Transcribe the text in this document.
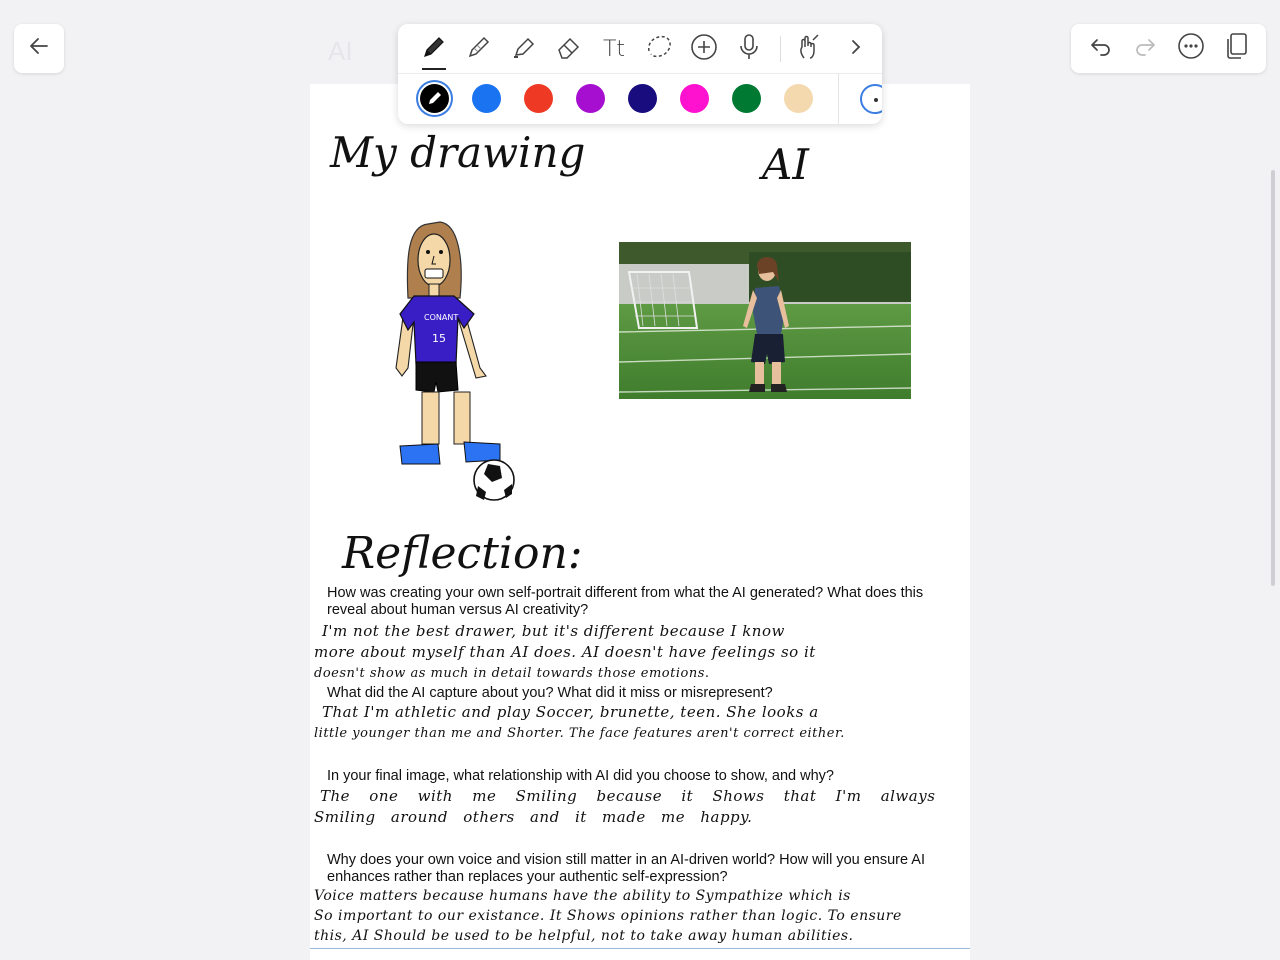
AI	Tt
My drawing	AI
CONANT
15
Reflection:
How was creating your own self-portrait different from what the AI generated? What does this reveal about human versus AI creativity?
I'm not the best drawer, but it's different because I know
more about myself than AI does. AI doesn't have feelings so it
doesn't show as much in detail towards those emotions.
What did the AI capture about you? What did it miss or misrepresent?
That I'm athletic and play Soccer, brunette, teen. She looks a
little younger than me and Shorter. The face features aren't correct either.
In your final image, what relationship with AI did you choose to show, and why?
The one with me Smiling because it Shows that I'm always
Smiling around others and it made me happy.
Why does your own voice and vision still matter in an AI-driven world? How will you ensure AI enhances rather than replaces your authentic self-expression?
Voice matters because humans have the ability to Sympathize which is
So important to our existance. It Shows opinions rather than logic. To ensure
this, AI Should be used to be helpful, not to take away human abilities.
